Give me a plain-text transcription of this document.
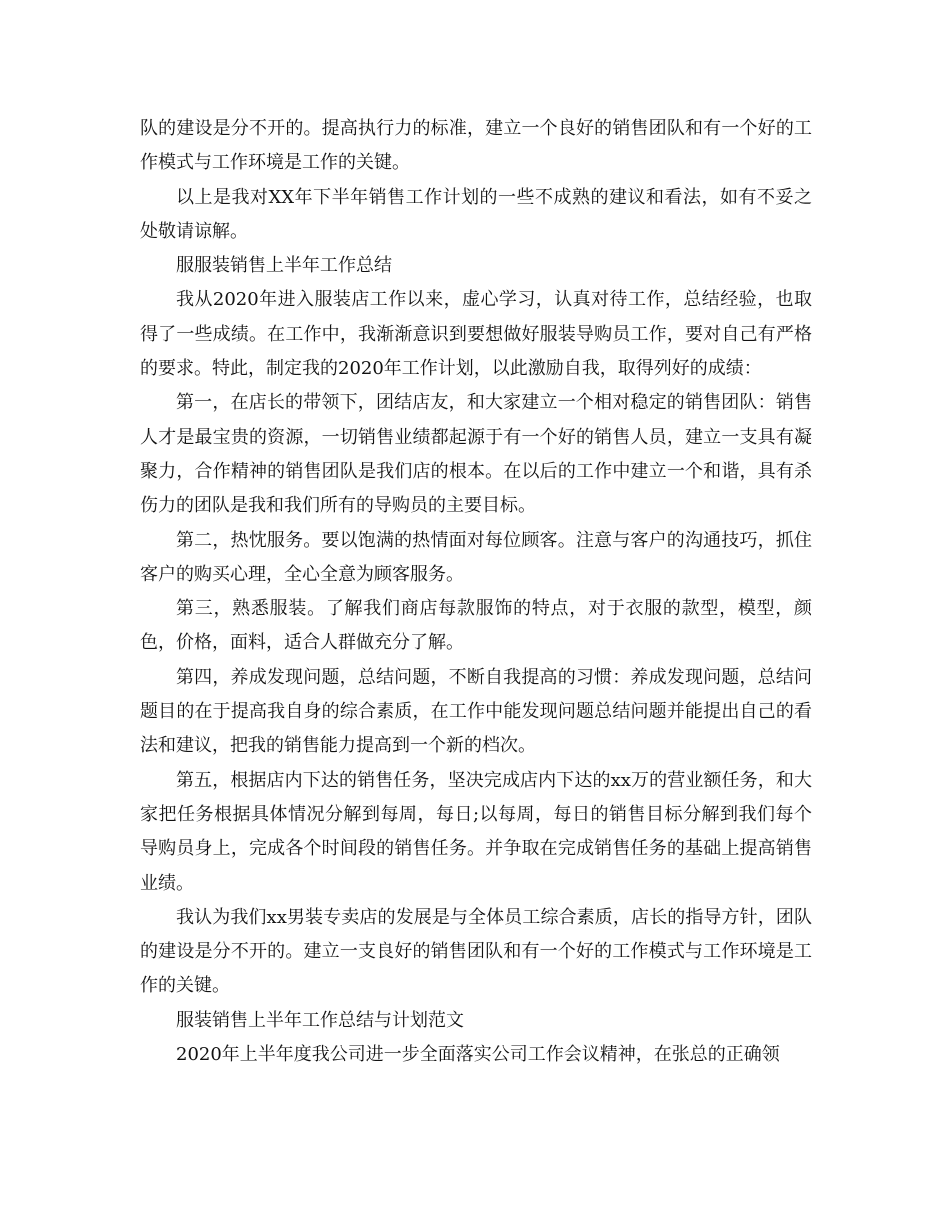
队的建设是分不开的。提高执行力的标准，建立一个良好的销售团队和有一个好的工作模式与工作环境是工作的关键。

以上是我对XX年下半年销售工作计划的一些不成熟的建议和看法，如有不妥之处敬请谅解。

服服装销售上半年工作总结

我从2020年进入服装店工作以来，虚心学习，认真对待工作，总结经验，也取得了一些成绩。在工作中，我渐渐意识到要想做好服装导购员工作，要对自己有严格的要求。特此，制定我的2020年工作计划，以此激励自我，取得列好的成绩：

第一，在店长的带领下，团结店友，和大家建立一个相对稳定的销售团队：销售人才是最宝贵的资源，一切销售业绩都起源于有一个好的销售人员，建立一支具有凝聚力，合作精神的销售团队是我们店的根本。在以后的工作中建立一个和谐，具有杀伤力的团队是我和我们所有的导购员的主要目标。

第二，热忱服务。要以饱满的热情面对每位顾客。注意与客户的沟通技巧，抓住客户的购买心理，全心全意为顾客服务。

第三，熟悉服装。了解我们商店每款服饰的特点，对于衣服的款型，模型，颜色，价格，面料，适合人群做充分了解。

第四，养成发现问题，总结问题，不断自我提高的习惯：养成发现问题，总结问题目的在于提高我自身的综合素质，在工作中能发现问题总结问题并能提出自己的看法和建议，把我的销售能力提高到一个新的档次。

第五，根据店内下达的销售任务，坚决完成店内下达的xx万的营业额任务，和大家把任务根据具体情况分解到每周，每日;以每周，每日的销售目标分解到我们每个导购员身上，完成各个时间段的销售任务。并争取在完成销售任务的基础上提高销售业绩。

我认为我们xx男装专卖店的发展是与全体员工综合素质，店长的指导方针，团队的建设是分不开的。建立一支良好的销售团队和有一个好的工作模式与工作环境是工作的关键。

服装销售上半年工作总结与计划范文

2020年上半年度我公司进一步全面落实公司工作会议精神，在张总的正确领
